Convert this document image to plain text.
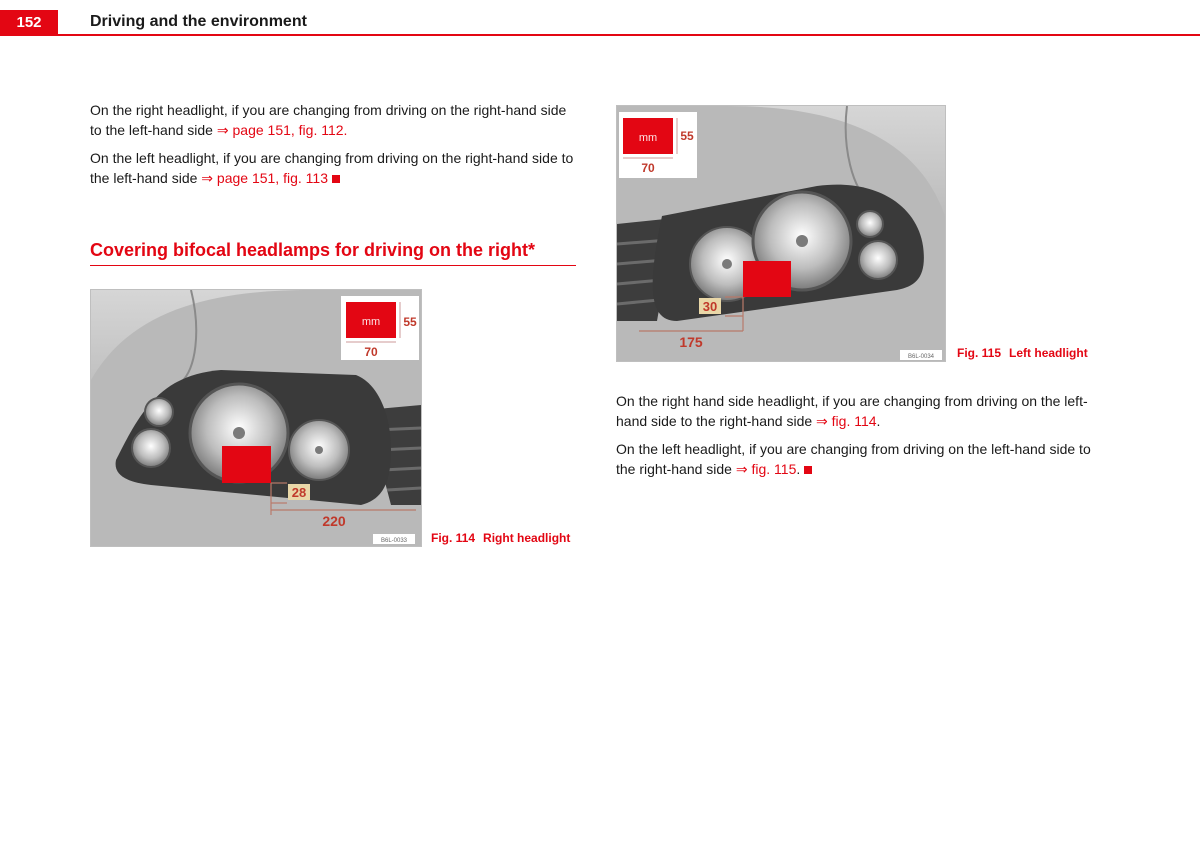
152	Driving and the environment
On the right headlight, if you are changing from driving on the right-hand side to the left-hand side ⇒ page 151, fig. 112.
On the left headlight, if you are changing from driving on the right-hand side to the left-hand side ⇒ page 151, fig. 113
Covering bifocal headlamps for driving on the right*
28
220
mm 55
70
B6L-0033 Fig. 114 Right headlight
30
175
mm 55
70
B6L-0034 Fig. 115 Left headlight
On the right hand side headlight, if you are changing from driving on the left-hand side to the right-hand side ⇒ fig. 114.
On the left headlight, if you are changing from driving on the left-hand side to the right-hand side ⇒ fig. 115.
